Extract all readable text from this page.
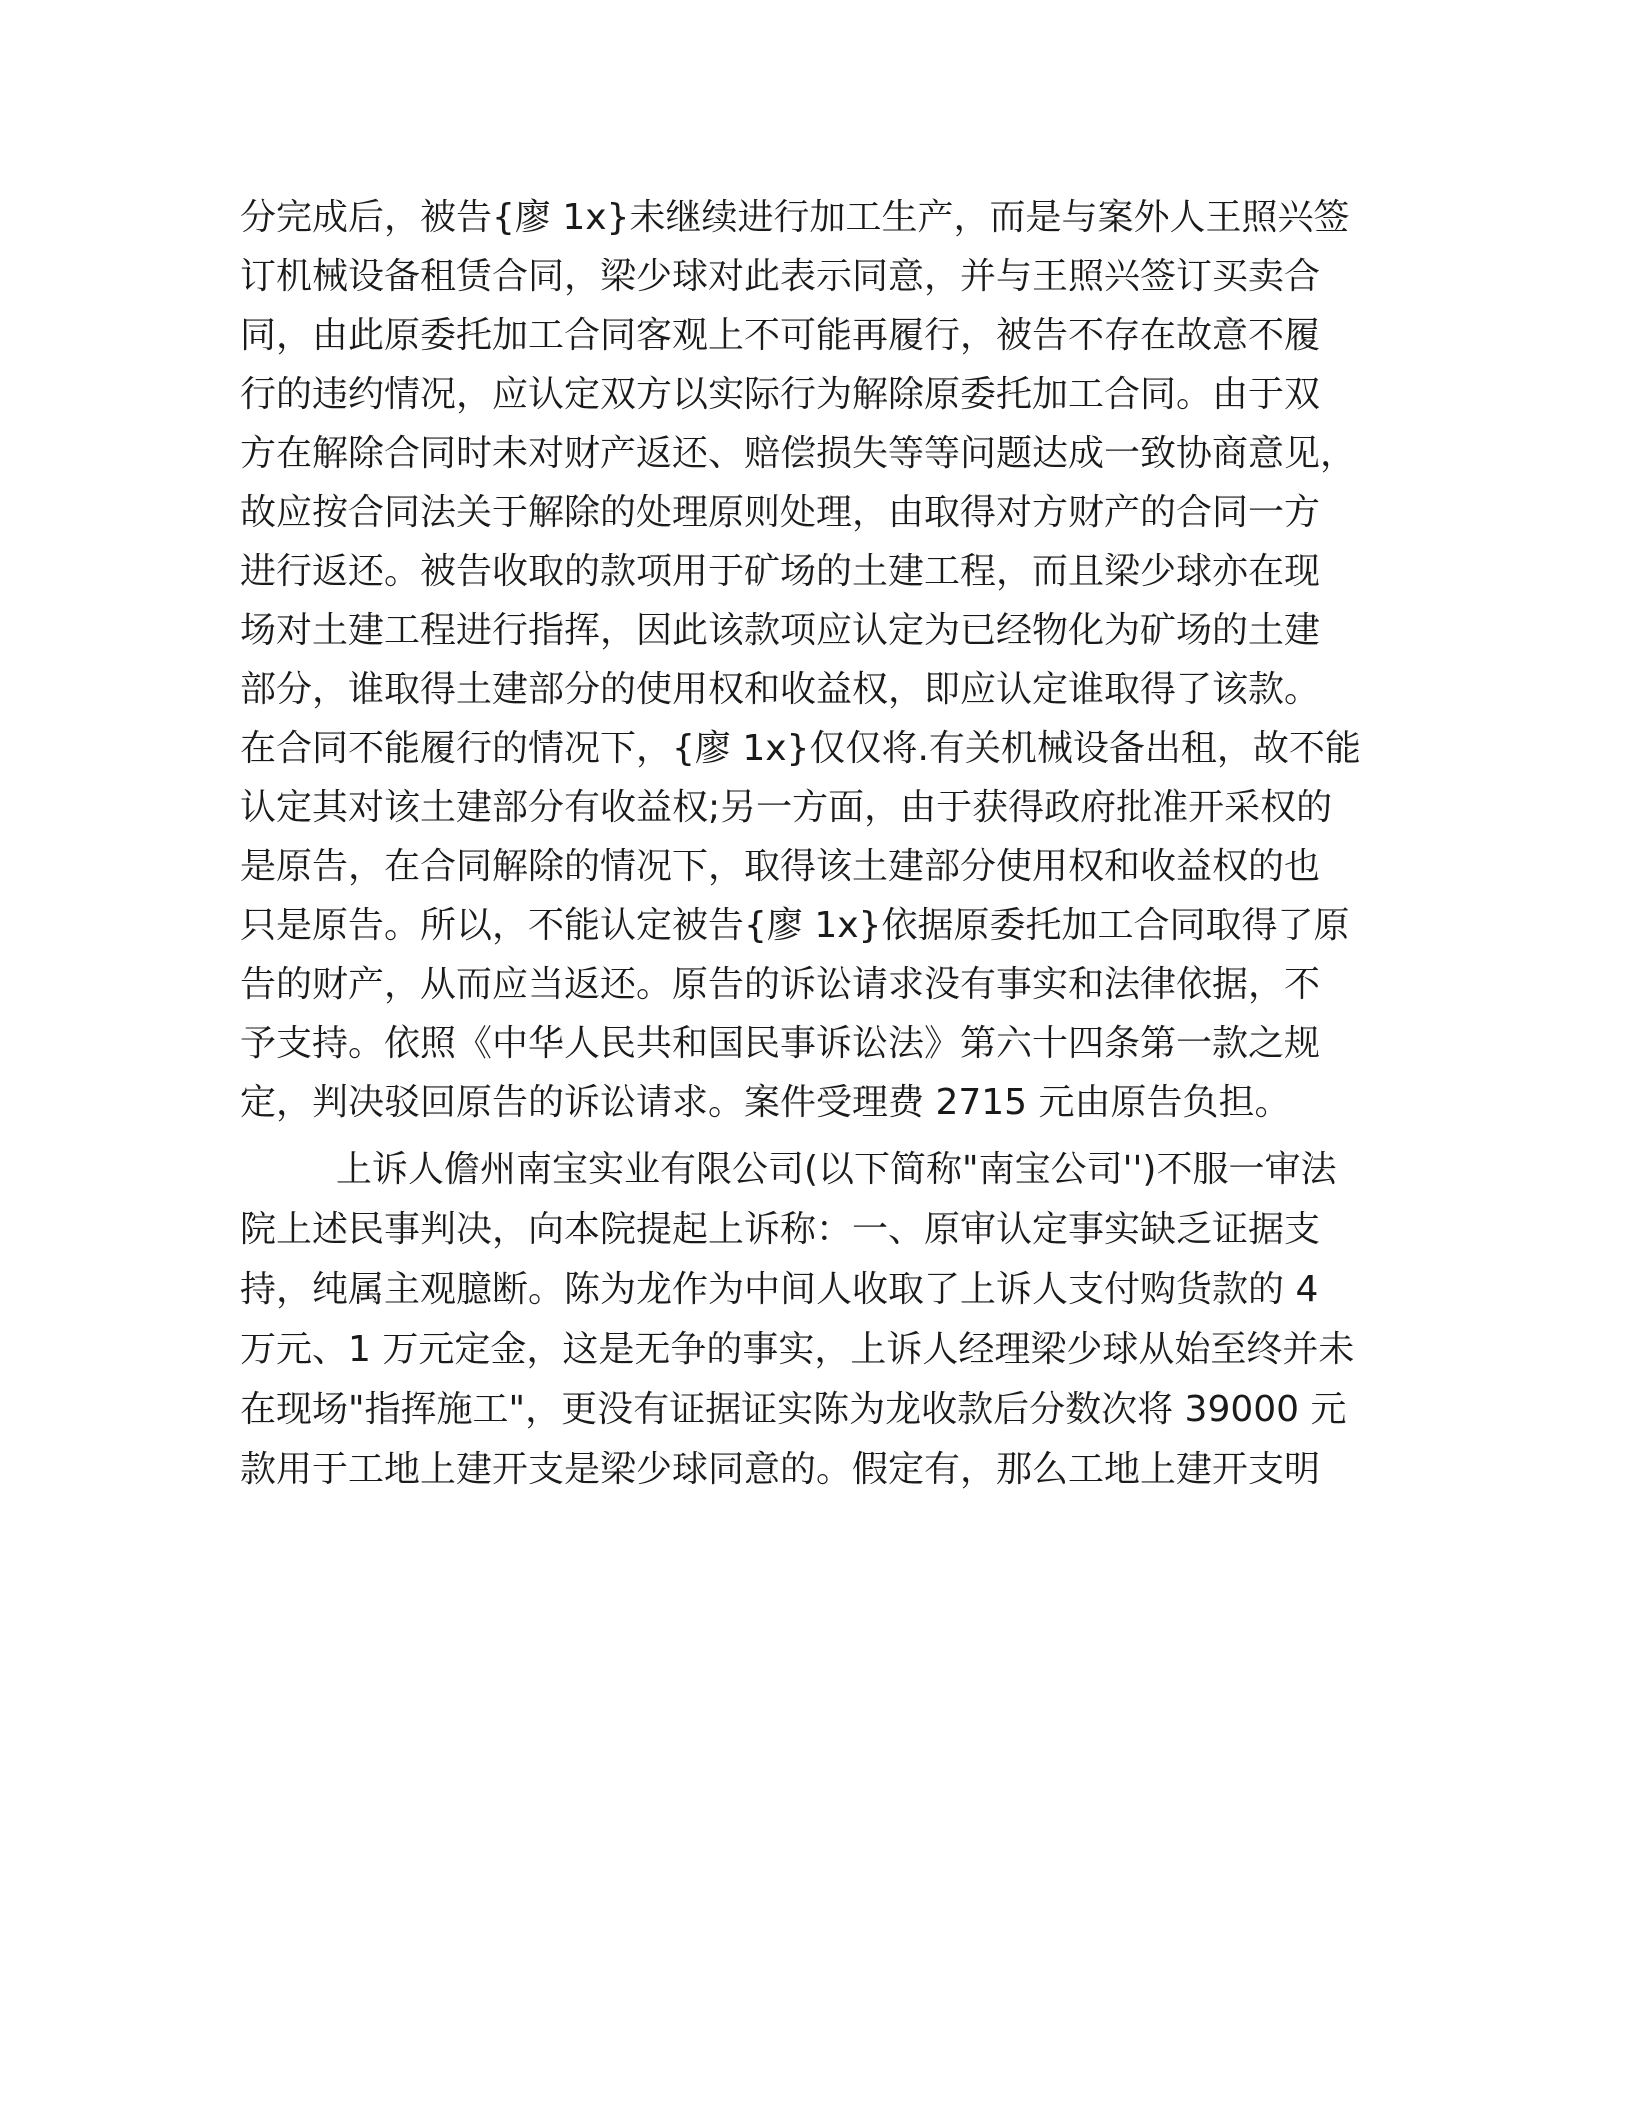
分完成后，被告{廖 1x}未继续进行加工生产，而是与案外人王照兴签

订机械设备租赁合同，梁少球对此表示同意，并与王照兴签订买卖合

同，由此原委托加工合同客观上不可能再履行，被告不存在故意不履

行的违约情况，应认定双方以实际行为解除原委托加工合同。由于双

方在解除合同时未对财产返还、赔偿损失等等问题达成一致协商意见，

故应按合同法关于解除的处理原则处理，由取得对方财产的合同一方

进行返还。被告收取的款项用于矿场的土建工程，而且梁少球亦在现

场对土建工程进行指挥，因此该款项应认定为已经物化为矿场的土建

部分，谁取得土建部分的使用权和收益权，即应认定谁取得了该款。

在合同不能履行的情况下，{廖 1x}仅仅将.有关机械设备出租，故不能

认定其对该土建部分有收益权;另一方面，由于获得政府批准开采权的

是原告，在合同解除的情况下，取得该土建部分使用权和收益权的也

只是原告。所以，不能认定被告{廖 1x}依据原委托加工合同取得了原

告的财产，从而应当返还。原告的诉讼请求没有事实和法律依据，不

予支持。依照《中华人民共和国民事诉讼法》第六十四条第一款之规

定，判决驳回原告的诉讼请求。案件受理费 2715 元由原告负担。

上诉人儋州南宝实业有限公司(以下简称"南宝公司'')不服一审法

院上述民事判决，向本院提起上诉称：一、原审认定事实缺乏证据支

持，纯属主观臆断。陈为龙作为中间人收取了上诉人支付购货款的 4

万元、1 万元定金，这是无争的事实，上诉人经理梁少球从始至终并未

在现场"指挥施工"，更没有证据证实陈为龙收款后分数次将 39000 元

款用于工地上建开支是梁少球同意的。假定有，那么工地上建开支明
